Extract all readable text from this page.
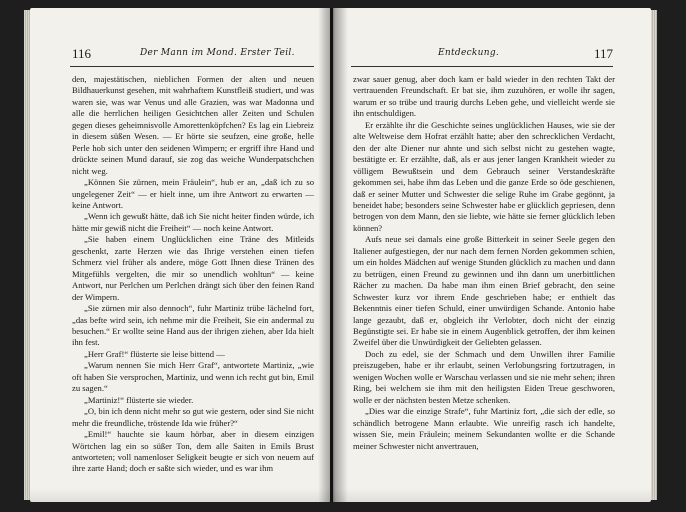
116	Der Mann im Mond. Erster Teil.

den, majestätischen, nieblichen Formen der alten und neuen Bildhauerkunst gesehen, mit wahrhaftem Kunstfleiß studiert, und was waren sie, was war Venus und alle Grazien, was war Madonna und alle die herrlichen heiligen Gesichtchen aller Zeiten und Schulen gegen dieses geheimnisvolle Amorettenköpfchen? Es lag ein Liebreiz in diesem süßen Wesen. — Er hörte sie seufzen, eine große, helle Perle hob sich unter den seidenen Wimpern; er ergriff ihre Hand und drückte seinen Mund darauf, sie zog das weiche Wunderpatschchen nicht weg.

„Können Sie zürnen, mein Fräulein“, hub er an, „daß ich zu so ungelegener Zeit“ — er hielt inne, um ihre Antwort zu erwarten — keine Antwort.

„Wenn ich gewußt hätte, daß ich Sie nicht heiter finden würde, ich hätte mir gewiß nicht die Freiheit“ — noch keine Antwort.

„Sie haben einem Unglücklichen eine Träne des Mitleids geschenkt, zarte Herzen wie das Ihrige verstehen einen tiefen Schmerz viel früher als andere, möge Gott Ihnen diese Tränen des Mitgefühls vergelten, die mir so unendlich wohltun“ — keine Antwort, nur Perlchen um Perlchen drängt sich über den feinen Rand der Wimpern.

„Sie zürnen mir also dennoch“, fuhr Martiniz trübe lächelnd fort, „das befte wird sein, ich nehme mir die Freiheit, Sie ein andermal zu besuchen.“ Er wollte seine Hand aus der ihrigen ziehen, aber Ida hielt ihn fest.

„Herr Graf!“ flüsterte sie leise bittend —

„Warum nennen Sie mich Herr Graf“, antwortete Martiniz, „wie oft haben Sie versprochen, Martiniz, und wenn ich recht gut bin, Emil zu sagen.“

„Martiniz!“ flüsterte sie wieder.

„O, bin ich denn nicht mehr so gut wie gestern, oder sind Sie nicht mehr die freundliche, tröstende Ida wie früher?“

„Emil!“ hauchte sie kaum hörbar, aber in diesem einzigen Wörtchen lag ein so süßer Ton, dem alle Saiten in Emils Brust antworteten; voll namenloser Seligkeit beugte er sich von neuem auf ihre zarte Hand; doch er saßte sich wieder, und es war ihm

Entdeckung.	117

zwar sauer genug, aber doch kam er bald wieder in den rechten Takt der vertrauenden Freundschaft. Er bat sie, ihm zuzuhören, er wolle ihr sagen, warum er so trübe und traurig durchs Leben gehe, und vielleicht werde sie ihn entschuldigen.

Er erzählte ihr die Geschichte seines unglücklichen Hauses, wie sie der alte Weltweise dem Hofrat erzählt hatte; aber den schrecklichen Verdacht, den der alte Diener nur ahnte und sich selbst nicht zu gestehen wagte, bestätigte er. Er erzählte, daß, als er aus jener langen Krankheit wieder zu völligem Bewußtsein und dem Gebrauch seiner Verstandeskräfte gekommen sei, habe ihm das Leben und die ganze Erde so öde geschienen, daß er seiner Mutter und Schwester die selige Ruhe im Grabe gegönnt, ja beneidet habe; besonders seine Schwester habe er glücklich gepriesen, denn betrogen von dem Mann, den sie liebte, wie hätte sie ferner glücklich leben können?

Aufs neue sei damals eine große Bitterkeit in seiner Seele gegen den Italiener aufgestiegen, der nur nach dem fernen Norden gekommen schien, um ein holdes Mädchen auf wenige Stunden glücklich zu machen und dann zu betrügen, einen Freund zu gewinnen und ihn dann um unerbittlichen Rächer zu machen. Da habe man ihm einen Brief gebracht, den seine Schwester kurz vor ihrem Ende geschrieben habe; er enthielt das Bekenntnis einer tiefen Schuld, einer unwürdigen Schande. Antonio habe lange gezaubt, daß er, obgleich ihr Verlobter, doch nicht der einzig Begünstigte sei. Er habe sie in einem Augenblick getroffen, der ihm keinen Zweifel über die Unwürdigkeit der Geliebten gelassen.

Doch zu edel, sie der Schmach und dem Unwillen ihrer Familie preiszugeben, habe er ihr erlaubt, seinen Verlobungsring fortzutragen, in wenigen Wochen wolle er Warschau verlassen und sie nie mehr sehen; ihren Ring, bei welchem sie ihm mit den heiligsten Eiden Treue geschworen, wolle er der nächsten besten Metze schenken.

„Dies war die einzige Strafe“, fuhr Martiniz fort, „die sich der edle, so schändlich betrogene Mann erlaubte. Wie unreifig rasch ich handelte, wissen Sie, mein Fräulein; meinem Sekundanten wollte er die Schande meiner Schwester nicht anvertrauen,
